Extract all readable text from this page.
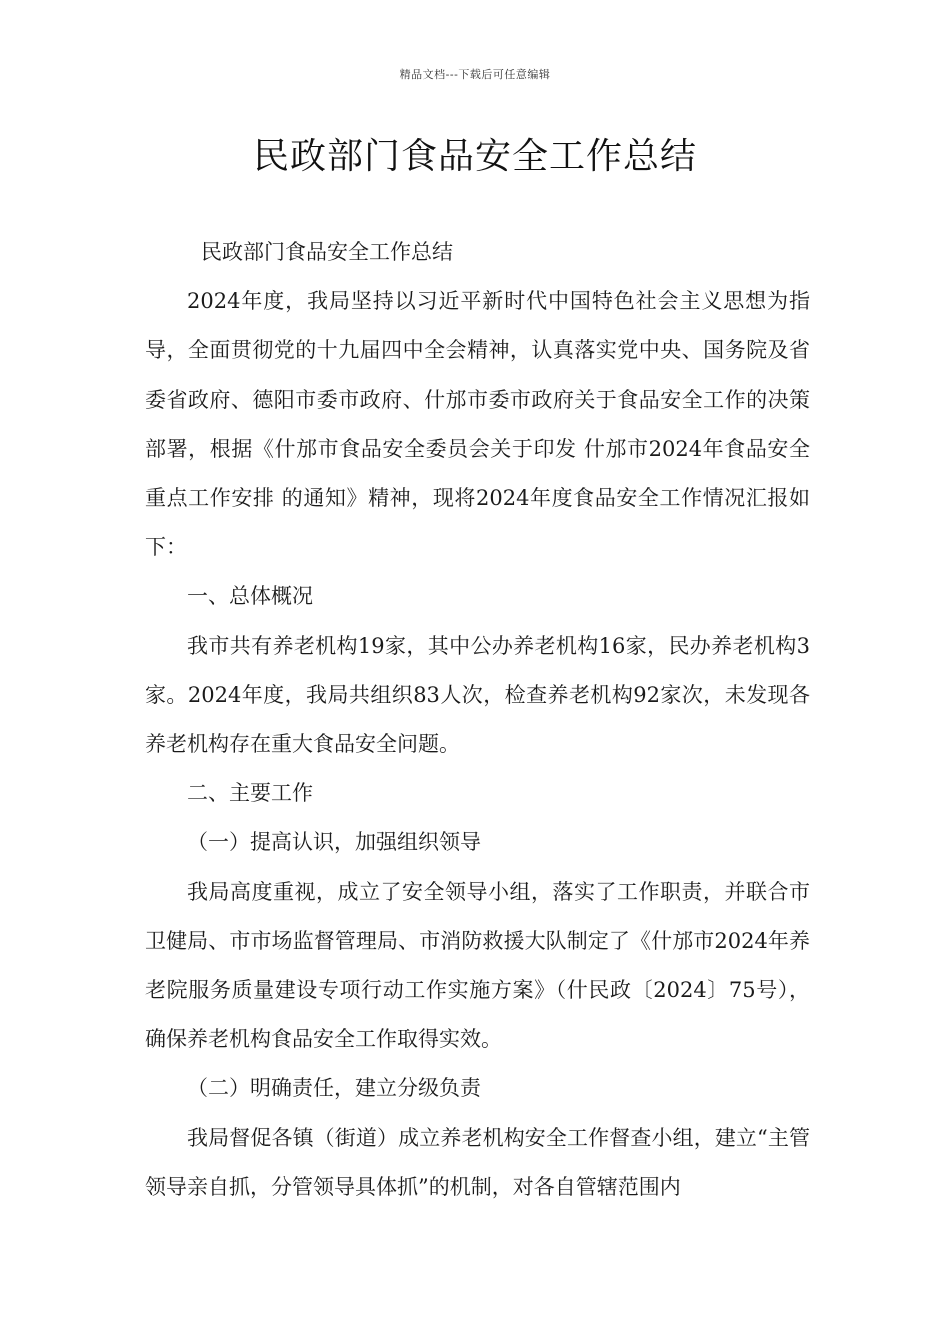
精品文档---下载后可任意编辑
民政部门食品安全工作总结

民政部门食品安全工作总结

2024年度，我局坚持以习近平新时代中国特色社会主义思想为指导，全面贯彻党的十九届四中全会精神，认真落实党中央、国务院及省委省政府、德阳市委市政府、什邡市委市政府关于食品安全工作的决策部署，根据《什邡市食品安全委员会关于印发 什邡市2024年食品安全重点工作安排 的通知》精神，现将2024年度食品安全工作情况汇报如下：

一、总体概况

我市共有养老机构19家，其中公办养老机构16家，民办养老机构3家。2024年度，我局共组织83人次，检查养老机构92家次，未发现各养老机构存在重大食品安全问题。

二、主要工作

（一）提高认识，加强组织领导

我局高度重视，成立了安全领导小组，落实了工作职责，并联合市卫健局、市市场监督管理局、市消防救援大队制定了《什邡市2024年养老院服务质量建设专项行动工作实施方案》（什民政〔2024〕75号），确保养老机构食品安全工作取得实效。

（二）明确责任，建立分级负责

我局督促各镇（街道）成立养老机构安全工作督查小组，建立“主管领导亲自抓，分管领导具体抓”的机制，对各自管辖范围内
